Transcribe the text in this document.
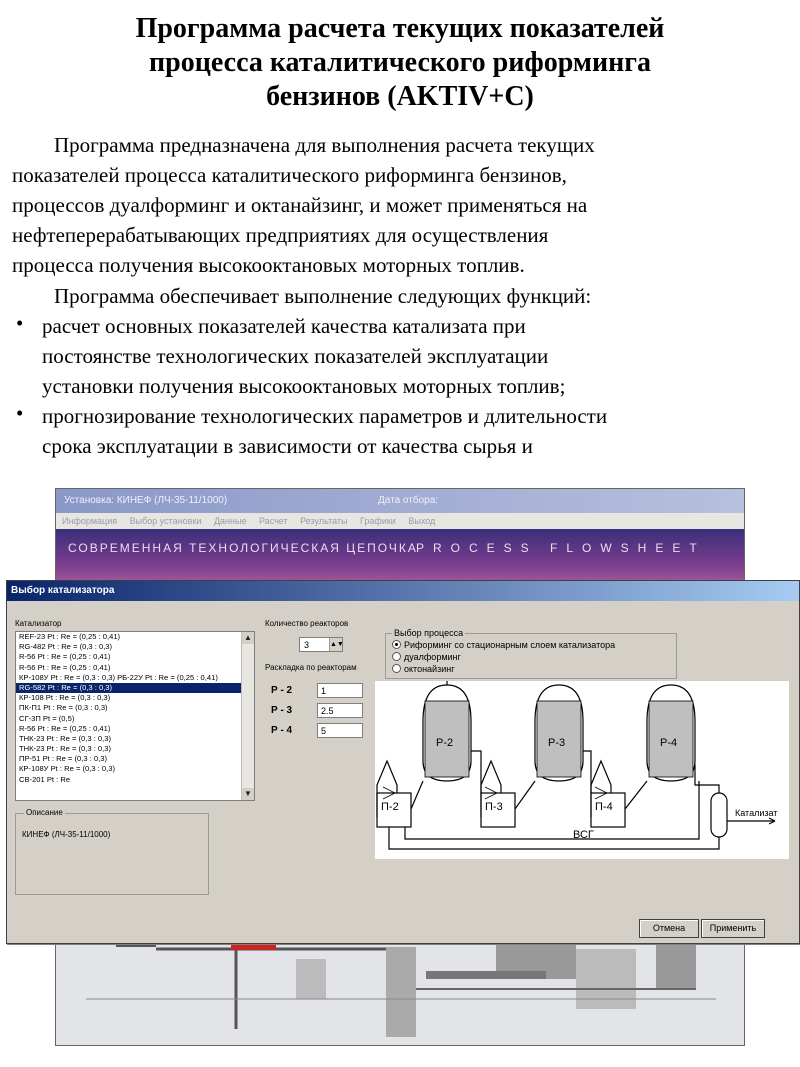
Программа расчета текущих показателей
процесса каталитического риформинга
бензинов (AKTIV+C)
Программа предназначена для выполнения расчета текущих
показателей процесса каталитического риформинга бензинов,
процессов дуалформинг и октанайзинг, и может применяться на
нефтеперерабатывающих предприятиях для осуществления
процесса получения высокооктановых моторных топлив.
Программа обеспечивает выполнение следующих функций:
• расчет основных показателей качества катализата при
постоянстве технологических показателей эксплуатации
установки получения высокооктановых моторных топлив;
• прогнозирование технологических параметров и длительности
срока эксплуатации в зависимости от качества сырья и
Установка: КИНЕФ (ЛЧ-35-11/1000)	Дата отбора:
Информация Выбор установки Данные Расчет Результаты Графики Выход
СОВРЕМЕННАЯ ТЕХНОЛОГИЧЕСКАЯ ЦЕПОЧКА
PROCESS FLOWSHEET
Выбор катализатора
Катализатор
REF-23 Pt : Re = (0,25 : 0,41)
RG-482 Pt : Re = (0,3 : 0,3)
R-56 Pt : Re = (0,25 : 0,41)
R-56 Pt : Re = (0,25 : 0,41)
КР-108У Pt : Re = (0,3 : 0,3) РБ-22У Pt : Re = (0,25 : 0,41)
RG-582 Pt : Re = (0,3 : 0,3)
КР-108 Pt : Re = (0,3 : 0,3)
ПК-П1 Pt : Re = (0,3 : 0,3)
СГ-3П Pt = (0,5)
R-56 Pt : Re = (0,25 : 0,41)
ТНК-23 Pt : Re = (0,3 : 0,3)
ТНК-23 Pt : Re = (0,3 : 0,3)
ПР-51 Pt : Re = (0,3 : 0,3)
КР-108У Pt : Re = (0,3 : 0,3)
СВ-201 Pt : Re
▲
▼
Описание
КИНЕФ (ЛЧ-35-11/1000)
Количество реакторов
3	▲▼
Раскладка по реакторам
Р - 2	1
Р - 3	2.5
Р - 4	5
Выбор процесса
Риформинг со стационарным слоем катализатора
дуалформинг
октонайзинг
Р-2	Р-3	Р-4
П-2	П-3	П-4
ВСГ
Катализат
Отмена	Применить
